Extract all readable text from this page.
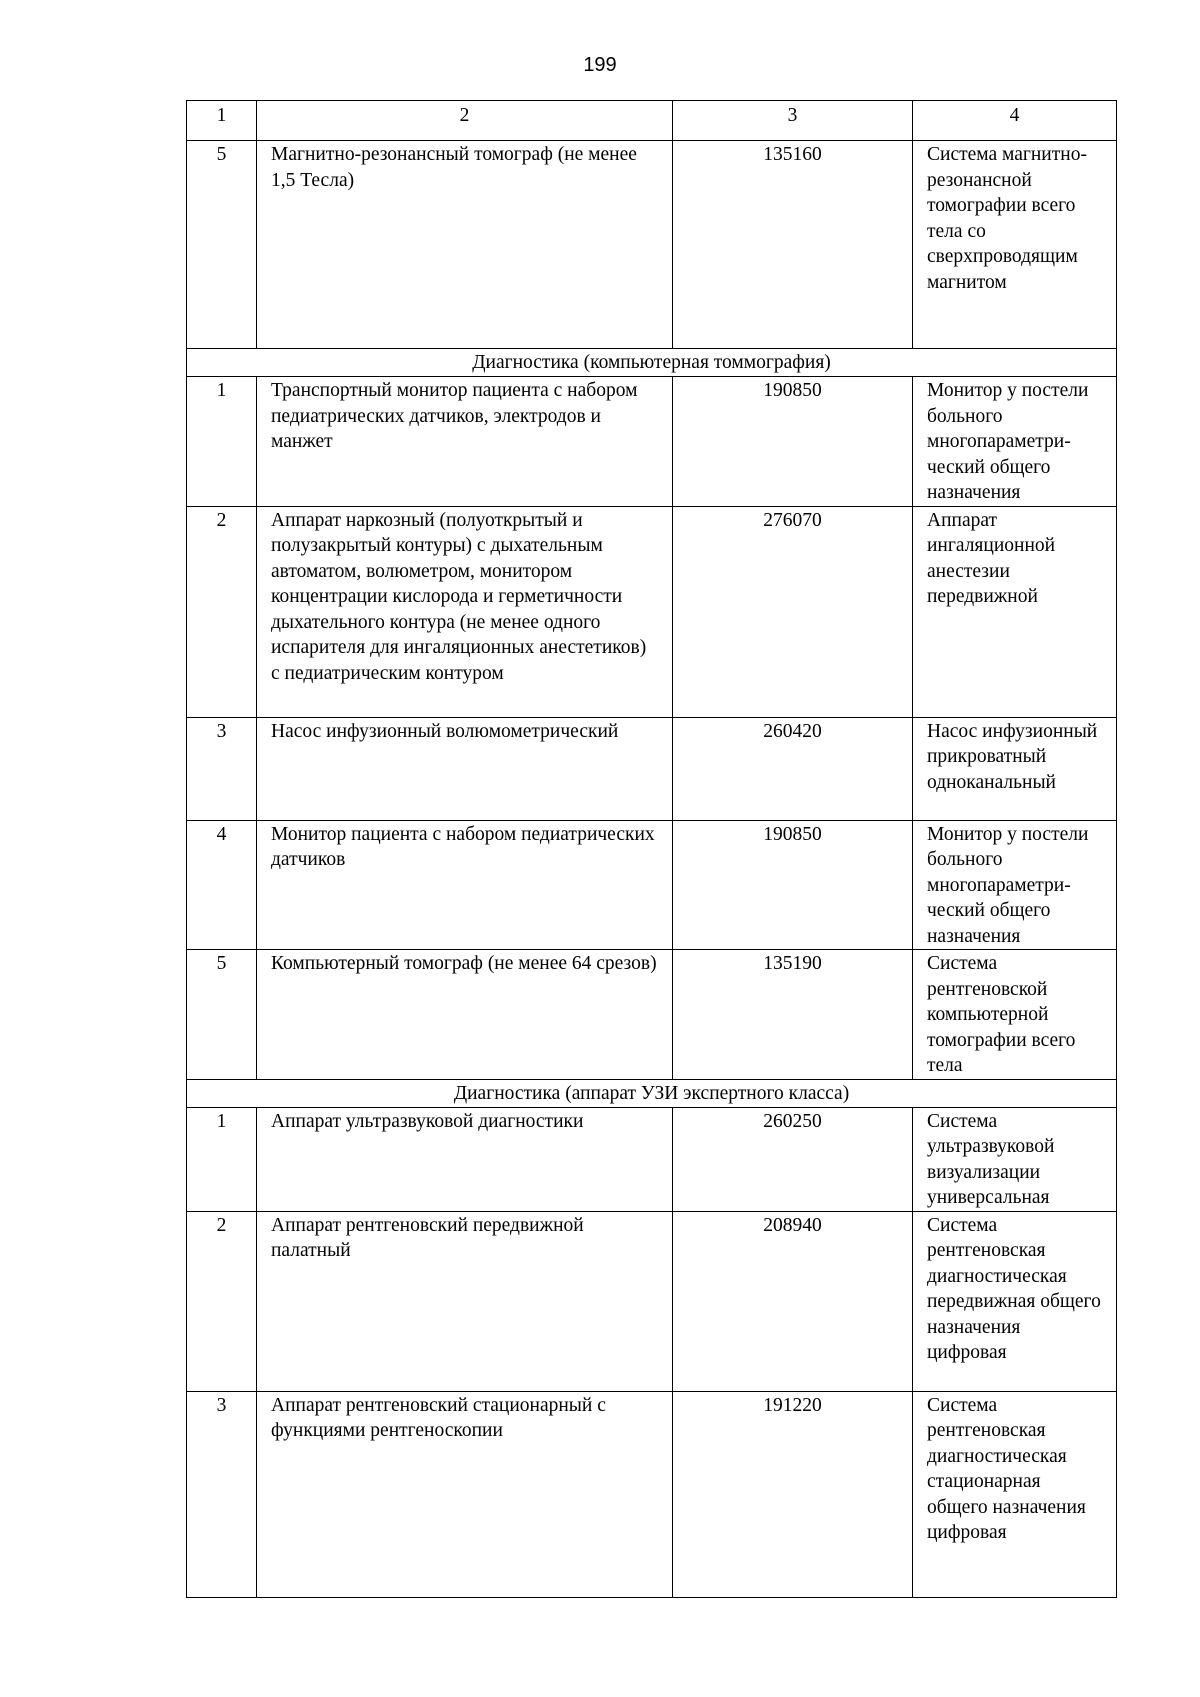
199
1	2	3	4
5	Магнитно-резонансный томограф (не менее 1,5 Тесла)	135160	Система магнитно-резонансной томографии всего тела со сверхпроводящим магнитом
Диагностика (компьютерная томмография)			
1	Транспортный монитор пациента с набором педиатрических датчиков, электродов и манжет	190850	Монитор у постели больного многопараметри-ческий общего назначения
2	Аппарат наркозный (полуоткрытый и полузакрытый контуры) с дыхательным автоматом, волюметром, монитором концентрации кислорода и герметичности дыхательного контура (не менее одного испарителя для ингаляционных анестетиков) с педиатрическим контуром	276070	Аппарат ингаляционной анестезии передвижной
3	Насос инфузионный волюмометрический	260420	Насос инфузионный прикроватный одноканальный
4	Монитор пациента с набором педиатрических датчиков	190850	Монитор у постели больного многопараметри-ческий общего назначения
5	Компьютерный томограф (не менее 64 срезов)	135190	Система рентгеновской компьютерной томографии всего тела
Диагностика (аппарат УЗИ экспертного класса)			
1	Аппарат ультразвуковой диагностики	260250	Система ультразвуковой визуализации универсальная
2	Аппарат рентгеновский передвижной палатный	208940	Система рентгеновская диагностическая передвижная общего назначения цифровая
3	Аппарат рентгеновский стационарный с функциями рентгеноскопии	191220	Система рентгеновская диагностическая стационарная общего назначения цифровая
